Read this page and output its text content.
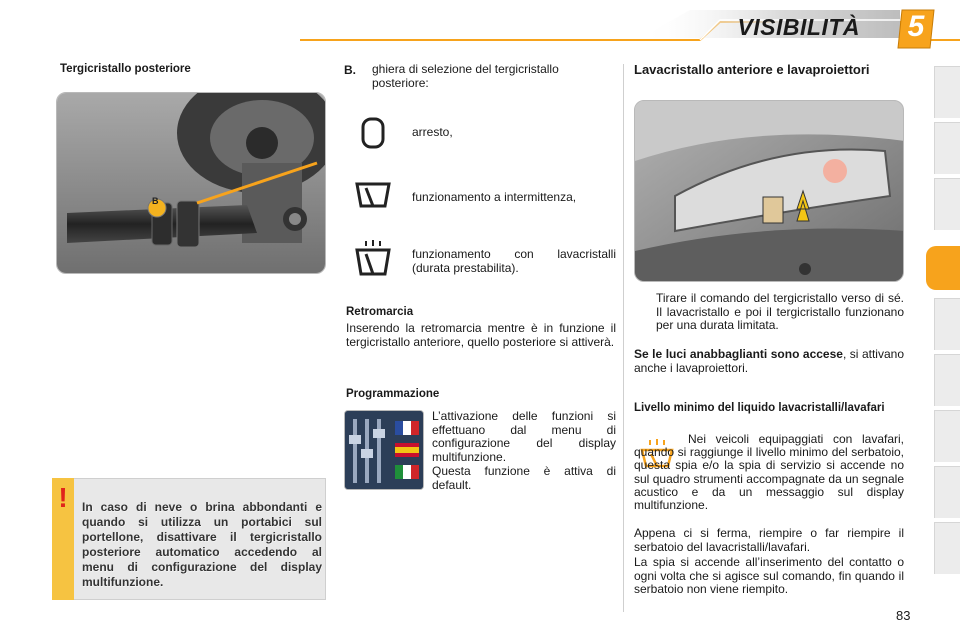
VISIBILITÀ	5
Tergicristallo posteriore
B
!	In caso di neve o brina abbondanti e quando si utilizza un portabici sul portellone, disattivare il tergicristallo posteriore automatico accedendo al menu di configurazione del display multifunzione.
B. ghiera di selezione del tergicristallo posteriore:
arresto,
funzionamento a intermittenza,
funzionamento con lavacristalli (durata prestabilita).
Retromarcia
Inserendo la retromarcia mentre è in funzione il tergicristallo anteriore, quello posteriore si attiverà.
Programmazione
L’attivazione delle funzioni si effettuano dal menu di configurazione del display multifunzione.
Questa funzione è attiva di default.
Lavacristallo anteriore e lavaproiettori
Tirare il comando del tergicristallo verso di sé. Il lavacristallo e poi il tergicristallo funzionano per una durata limitata.
Se le luci anabbaglianti sono accese, si attivano anche i lavaproiettori.
Livello minimo del liquido lavacristalli/lavafari
Nei veicoli equipaggiati con lavafari, quando si raggiunge il livello minimo del serbatoio, questa spia e/o la spia di servizio si accende no sul quadro strumenti accompagnate da un segnale acustico e da un messaggio sul display multifunzione.
Appena ci si ferma, riempire o far riempire il serbatoio del lavacristalli/lavafari.
La spia si accende all’inserimento del contatto o ogni volta che si agisce sul comando, fin quando il serbatoio non viene riempito.
83
